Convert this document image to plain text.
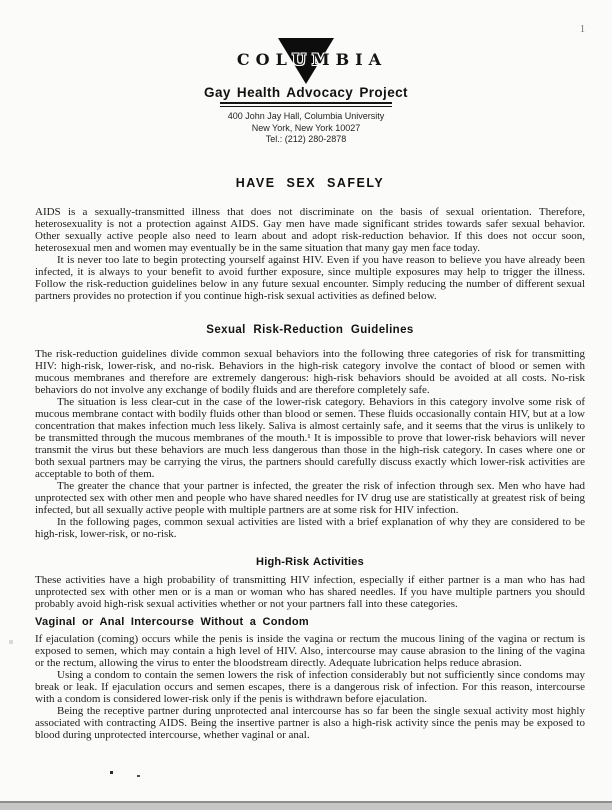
1
COLUMBIA
Gay Health Advocacy Project
400 John Jay Hall, Columbia University
New York, New York 10027
Tel.: (212) 280-2878
HAVE SEX SAFELY

AIDS is a sexually-transmitted illness that does not discriminate on the basis of sexual orientation. Therefore, heterosexuality is not a protection against AIDS. Gay men have made significant strides towards safer sexual behavior. Other sexually active people also need to learn about and adopt risk-reduction behavior. If this does not occur soon, heterosexual men and women may eventually be in the same situation that many gay men face today.

It is never too late to begin protecting yourself against HIV. Even if you have reason to believe you have already been infected, it is always to your benefit to avoid further exposure, since multiple exposures may help to trigger the illness. Follow the risk-reduction guidelines below in any future sexual encounter. Simply reducing the number of different sexual partners provides no protection if you continue high-risk sexual activities as defined below.

Sexual Risk-Reduction Guidelines

The risk-reduction guidelines divide common sexual behaviors into the following three categories of risk for transmitting HIV: high-risk, lower-risk, and no-risk. Behaviors in the high-risk category involve the contact of blood or semen with mucous membranes and therefore are extremely dangerous: high-risk behaviors should be avoided at all costs. No-risk behaviors do not involve any exchange of bodily fluids and are therefore completely safe.

The situation is less clear-cut in the case of the lower-risk category. Behaviors in this category involve some risk of mucous membrane contact with bodily fluids other than blood or semen. These fluids occasionally contain HIV, but at a low concentration that makes infection much less likely. Saliva is almost certainly safe, and it seems that the virus is unlikely to be transmitted through the mucous membranes of the mouth.¹ It is impossible to prove that lower-risk behaviors will never transmit the virus but these behaviors are much less dangerous than those in the high-risk category. In cases where one or both sexual partners may be carrying the virus, the partners should carefully discuss exactly which lower-risk activities are acceptable to both of them.

The greater the chance that your partner is infected, the greater the risk of infection through sex. Men who have had unprotected sex with other men and people who have shared needles for IV drug use are statistically at greatest risk of being infected, but all sexually active people with multiple partners are at some risk for HIV infection.

In the following pages, common sexual activities are listed with a brief explanation of why they are considered to be high-risk, lower-risk, or no-risk.

High-Risk Activities

These activities have a high probability of transmitting HIV infection, especially if either partner is a man who has had unprotected sex with other men or is a man or woman who has shared needles. If you have multiple partners you should probably avoid high-risk sexual activities whether or not your partners fall into these categories.

Vaginal or Anal Intercourse Without a Condom

If ejaculation (coming) occurs while the penis is inside the vagina or rectum the mucous lining of the vagina or rectum is exposed to semen, which may contain a high level of HIV. Also, intercourse may cause abrasion to the lining of the vagina or the rectum, allowing the virus to enter the bloodstream directly. Adequate lubrication helps reduce abrasion.

Using a condom to contain the semen lowers the risk of infection considerably but not sufficiently since condoms may break or leak. If ejaculation occurs and semen escapes, there is a dangerous risk of infection. For this reason, intercourse with a condom is considered lower-risk only if the penis is withdrawn before ejaculation.

Being the receptive partner during unprotected anal intercourse has so far been the single sexual activity most highly associated with contracting AIDS. Being the insertive partner is also a high-risk activity since the penis may be exposed to blood during unprotected intercourse, whether vaginal or anal.
